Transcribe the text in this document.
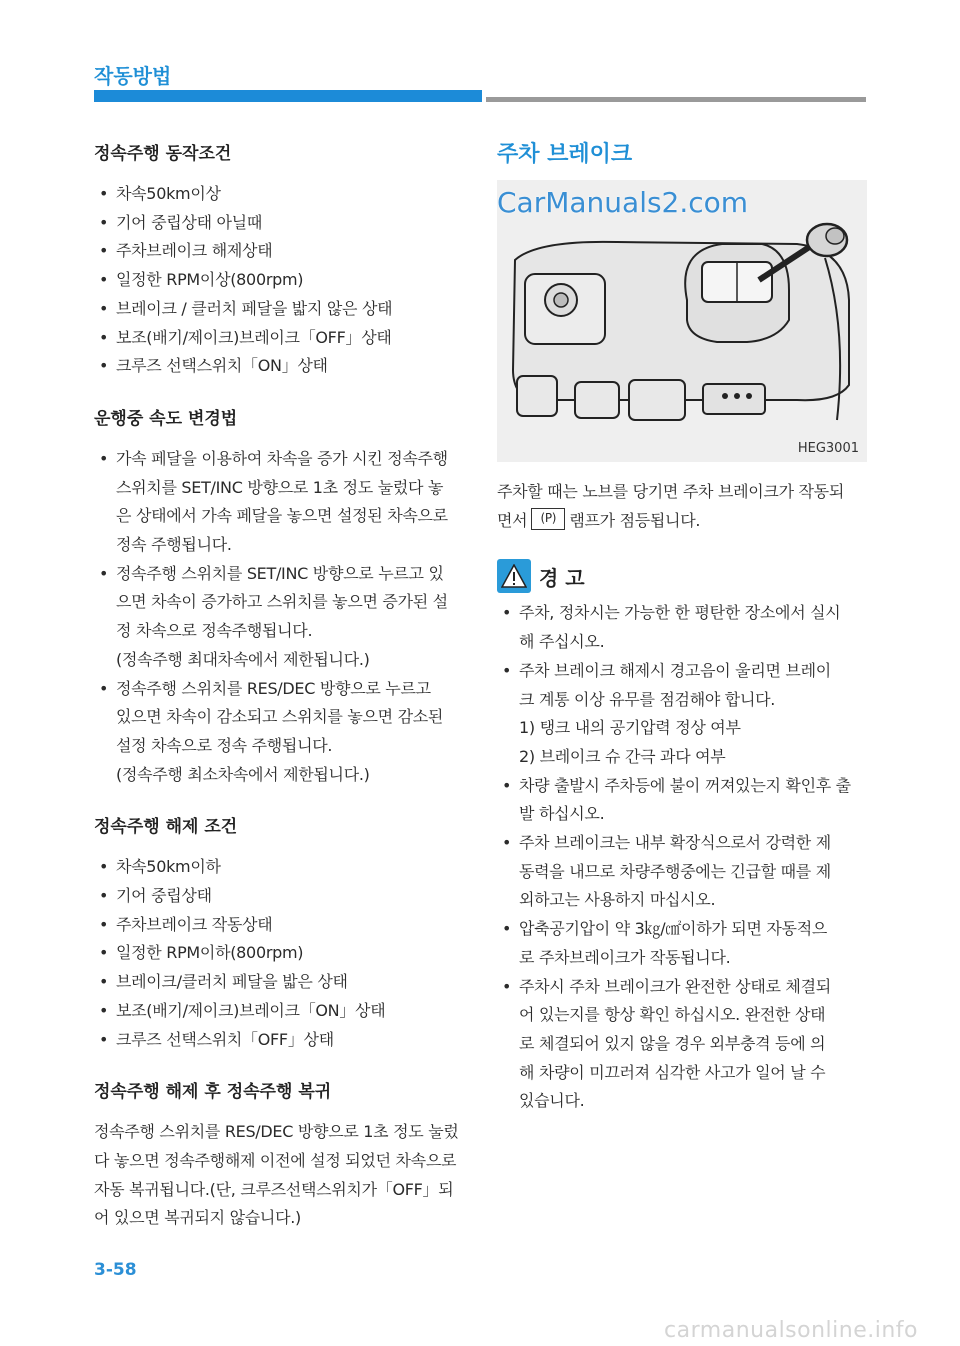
작동방법
정속주행 동작조건
• 차속50km이상
• 기어 중립상태 아닐때
• 주차브레이크 해제상태
• 일정한 RPM이상(800rpm)
• 브레이크 / 클러치 페달을 밟지 않은 상태
• 보조(배기/제이크)브레이크「OFF」상태
• 크루즈 선택스위치「ON」상태
운행중 속도 변경법
• 가속 페달을 이용하여 차속을 증가 시킨 정속주행
스위치를 SET/INC 방향으로 1초 정도 눌렀다 놓
은 상태에서 가속 페달을 놓으면 설정된 차속으로
정속 주행됩니다.
• 정속주행 스위치를 SET/INC 방향으로 누르고 있
으면 차속이 증가하고 스위치를 놓으면 증가된 설
정 차속으로 정속주행됩니다.
(정속주행 최대차속에서 제한됩니다.)
• 정속주행 스위치를 RES/DEC 방향으로 누르고
있으면 차속이 감소되고 스위치를 놓으면 감소된
설정 차속으로 정속 주행됩니다.
(정속주행 최소차속에서 제한됩니다.)
정속주행 해제 조건
• 차속50km이하
• 기어 중립상태
• 주차브레이크 작동상태
• 일정한 RPM이하(800rpm)
• 브레이크/클러치 페달을 밟은 상태
• 보조(배기/제이크)브레이크「ON」상태
• 크루즈 선택스위치「OFF」상태
정속주행 해제 후 정속주행 복귀

정속주행 스위치를 RES/DEC 방향으로 1초 정도 눌렀
다 놓으면 정속주행해제 이전에 설정 되었던 차속으로
자동 복귀됩니다.(단, 크루즈선택스위치가「OFF」되
어 있으면 복귀되지 않습니다.)

주차 브레이크
CarManuals2.com
HEG3001

주차할 때는 노브를 당기면 주차 브레이크가 작동되
면서 (P) 램프가 점등됩니다.

경 고
• 주차, 정차시는 가능한 한 평탄한 장소에서 실시
해 주십시오.
• 주차 브레이크 해제시 경고음이 울리면 브레이
크 계통 이상 유무를 점검해야 합니다.
1) 탱크 내의 공기압력 정상 여부
2) 브레이크 슈 간극 과다 여부
• 차량 출발시 주차등에 불이 꺼져있는지 확인후 출
발 하십시오.
• 주차 브레이크는 내부 확장식으로서 강력한 제
동력을 내므로 차량주행중에는 긴급할 때를 제
외하고는 사용하지 마십시오.
• 압축공기압이 약 3㎏/㎠이하가 되면 자동적으
로 주차브레이크가 작동됩니다.
• 주차시 주차 브레이크가 완전한 상태로 체결되
어 있는지를 항상 확인 하십시오. 완전한 상태
로 체결되어 있지 않을 경우 외부충격 등에 의
해 차량이 미끄러져 심각한 사고가 일어 날 수
있습니다.
3-58
carmanualsonline.info
